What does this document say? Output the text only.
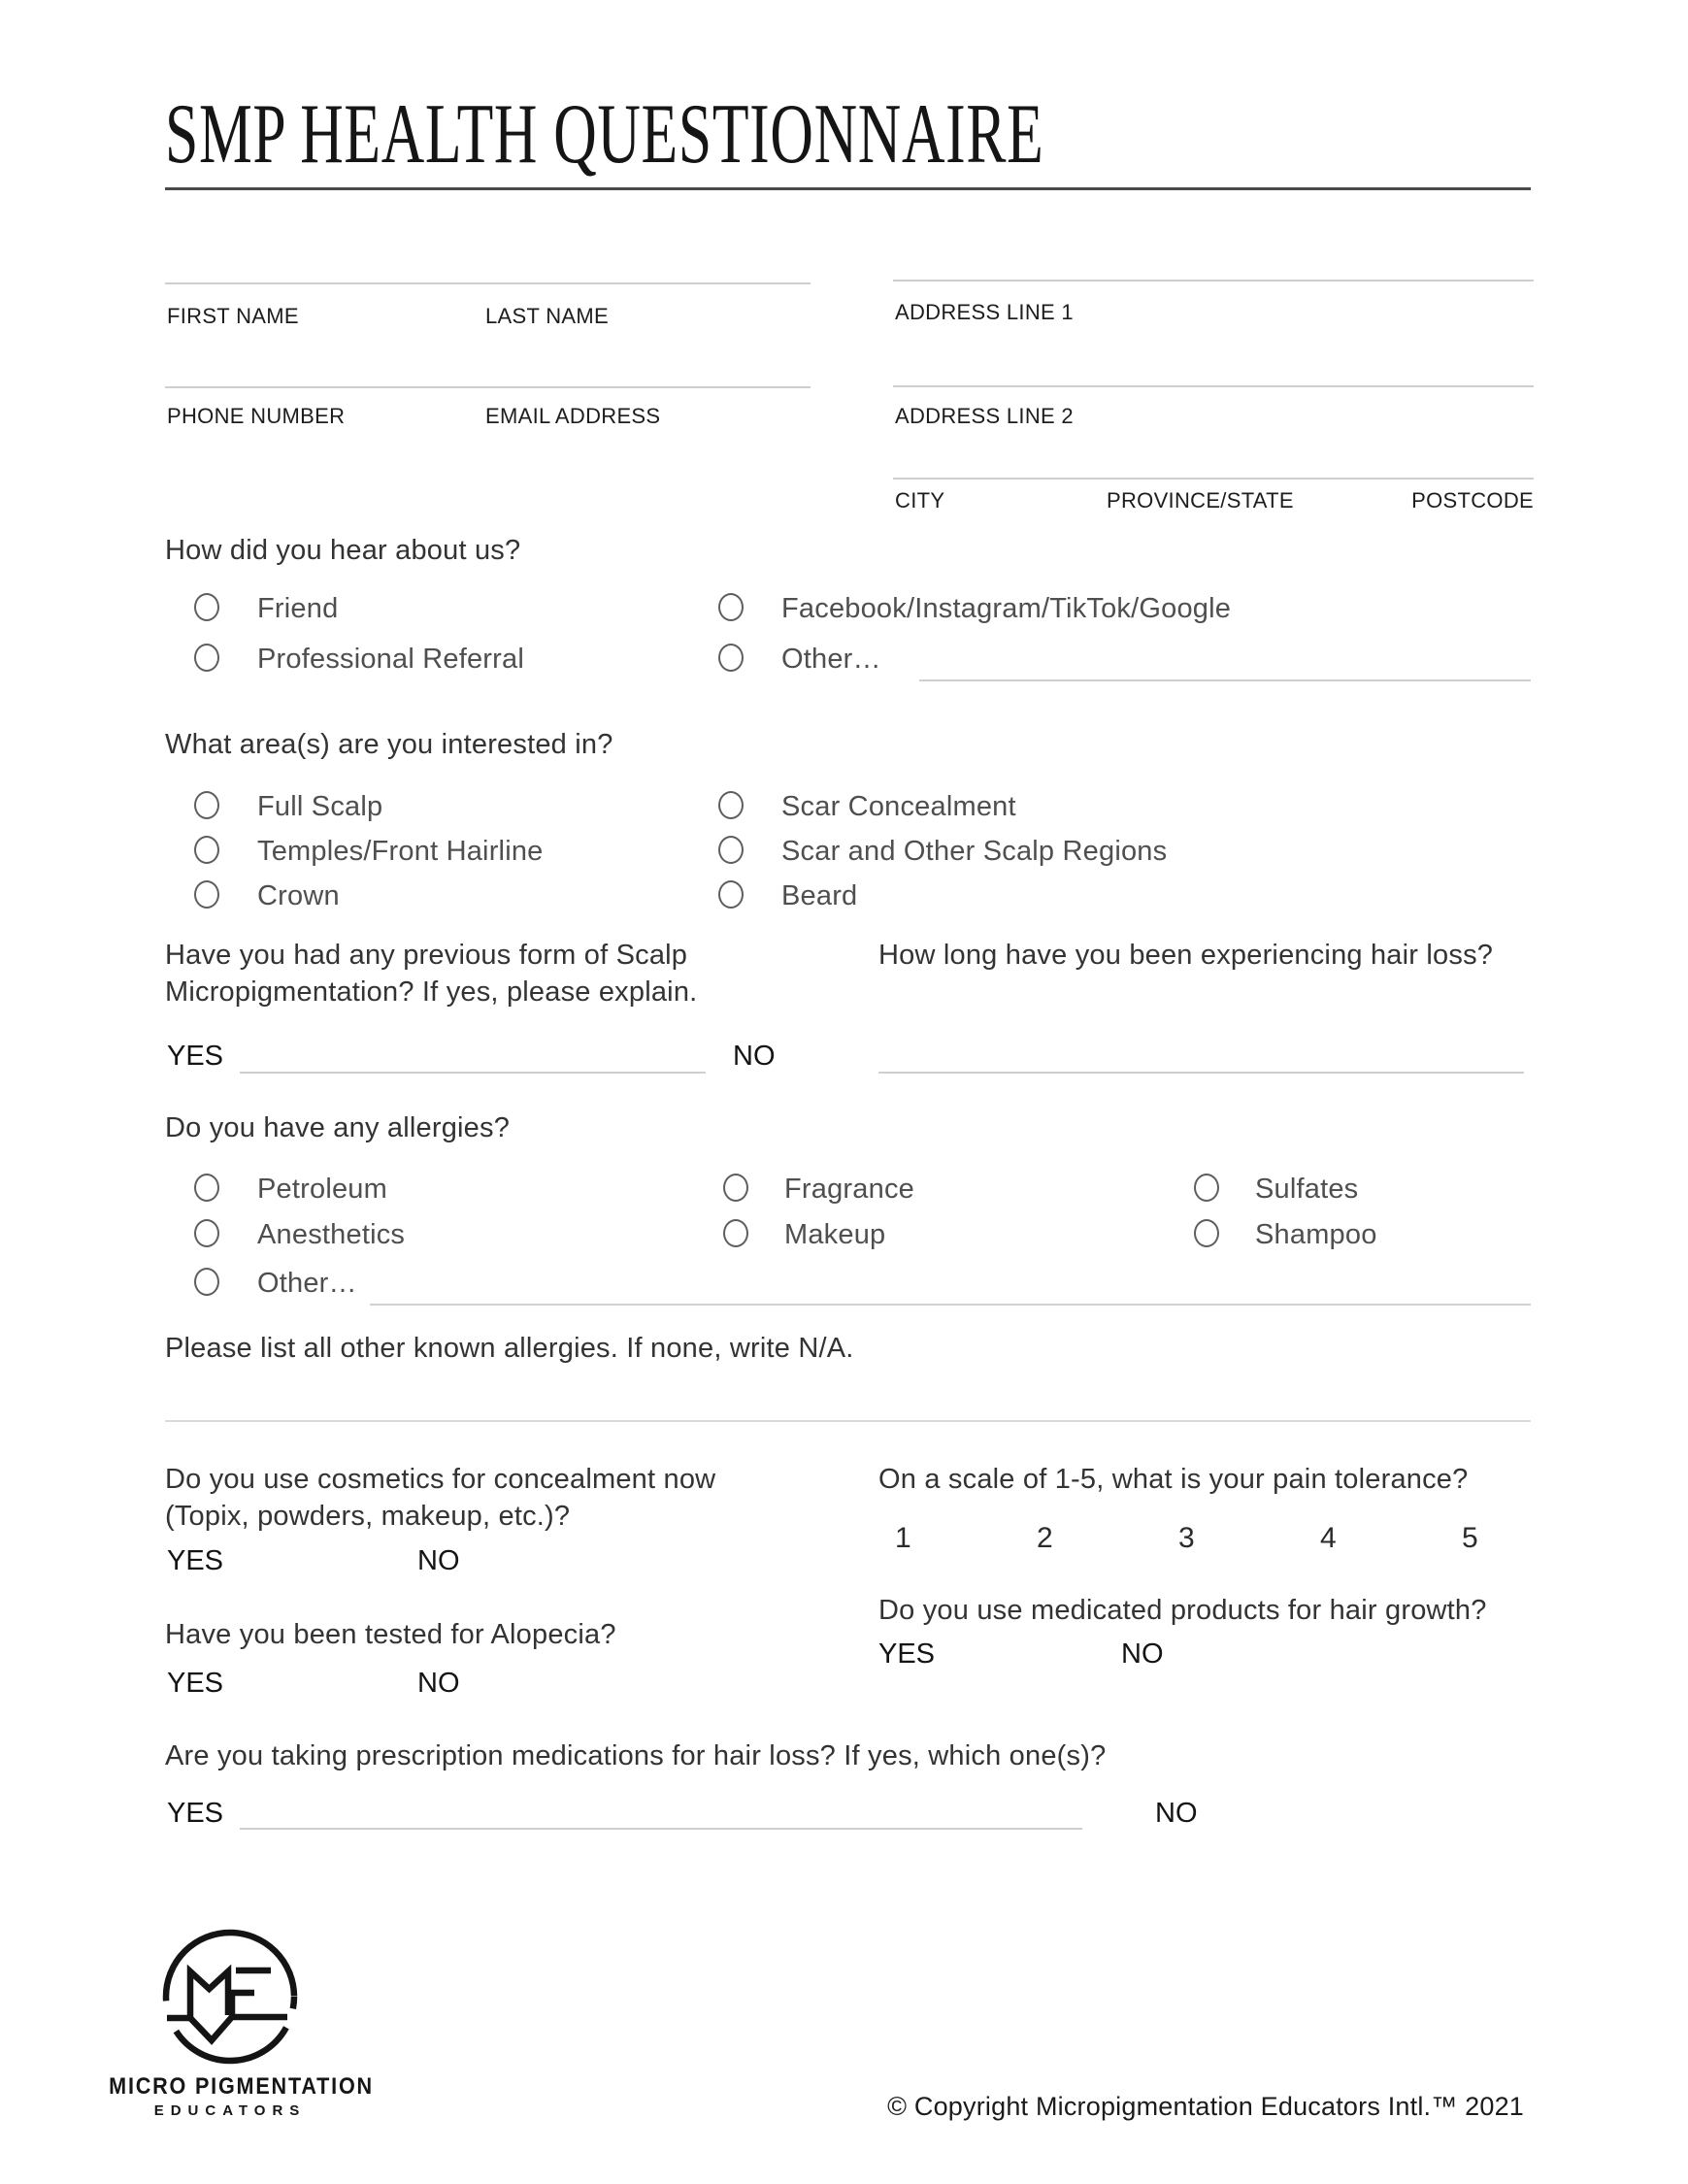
SMP HEALTH QUESTIONNAIRE
FIRST NAME	LAST NAME
PHONE NUMBER	EMAIL ADDRESS
ADDRESS LINE 1
ADDRESS LINE 2
CITY	PROVINCE/STATE	POSTCODE
How did you hear about us?
Friend
Professional Referral
Facebook/Instagram/TikTok/Google
Other…
What area(s) are you interested in?
Full Scalp
Temples/Front Hairline
Crown
Scar Concealment
Scar and Other Scalp Regions
Beard
Have you had any previous form of Scalp Micropigmentation? If yes, please explain.
How long have you been experiencing hair loss?
YES	NO
Do you have any allergies?
Petroleum
Anesthetics
Fragrance
Makeup
Sulfates
Shampoo
Other…
Please list all other known allergies. If none, write N/A.
Do you use cosmetics for concealment now (Topix, powders, makeup, etc.)?
On a scale of 1-5, what is your pain tolerance?
1	2	3	4	5
YES	NO
Do you use medicated products for hair growth?
YES	NO
Have you been tested for Alopecia?
YES	NO
Are you taking prescription medications for hair loss? If yes, which one(s)?
YES	NO
MICRO PIGMENTATION
EDUCATORS	© Copyright Micropigmentation Educators Intl.™ 2021
